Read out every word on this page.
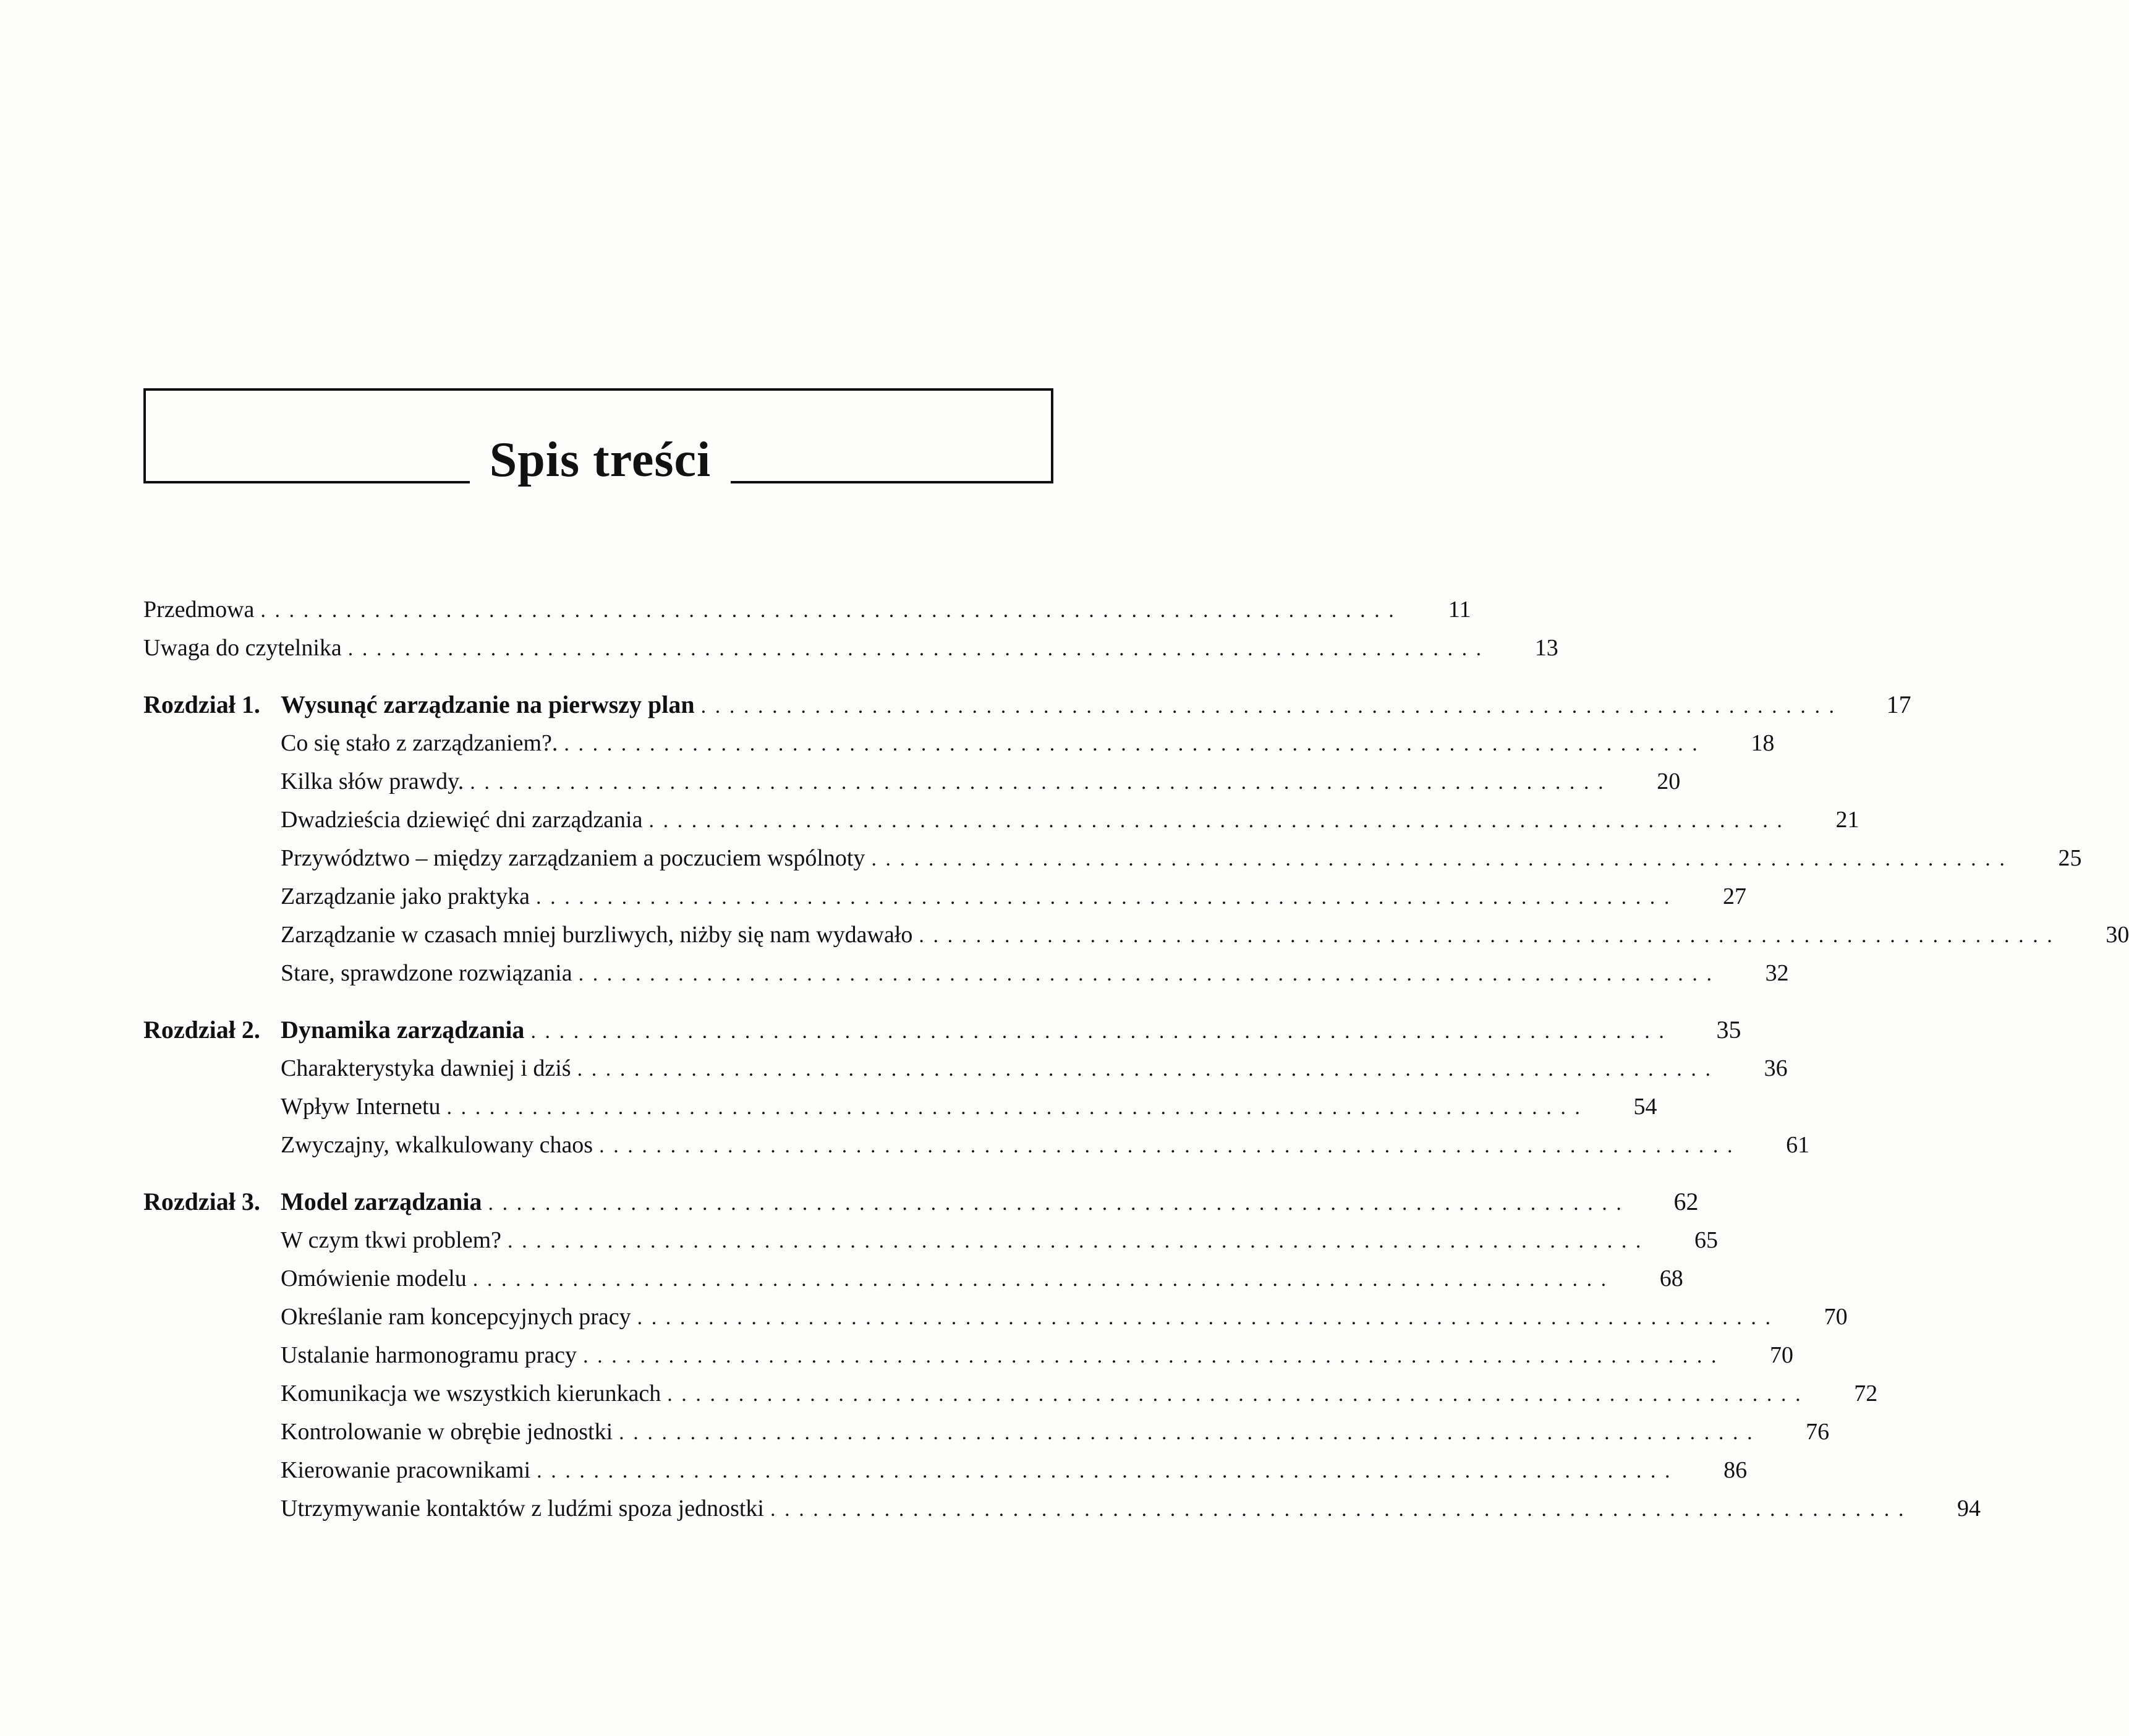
Spis treści
Przedmowa ................................................................................	11
Uwaga do czytelnika ................................................................................	13
Rozdział 1. Wysunąć zarządzanie na pierwszy plan ................................................................................	17
Co się stało z zarządzaniem?. ................................................................................	18
Kilka słów prawdy. ................................................................................	20
Dwadzieścia dziewięć dni zarządzania ................................................................................	21
Przywództwo – między zarządzaniem a poczuciem wspólnoty ................................................................................	25
Zarządzanie jako praktyka ................................................................................	27
Zarządzanie w czasach mniej burzliwych, niżby się nam wydawało ................................................................................	30
Stare, sprawdzone rozwiązania ................................................................................	32
Rozdział 2. Dynamika zarządzania ................................................................................	35
Charakterystyka dawniej i dziś ................................................................................	36
Wpływ Internetu ................................................................................	54
Zwyczajny, wkalkulowany chaos ................................................................................	61
Rozdział 3. Model zarządzania ................................................................................	62
W czym tkwi problem? ................................................................................	65
Omówienie modelu ................................................................................	68
Określanie ram koncepcyjnych pracy ................................................................................	70
Ustalanie harmonogramu pracy ................................................................................	70
Komunikacja we wszystkich kierunkach ................................................................................	72
Kontrolowanie w obrębie jednostki ................................................................................	76
Kierowanie pracownikami ................................................................................	86
Utrzymywanie kontaktów z ludźmi spoza jednostki ................................................................................	94
